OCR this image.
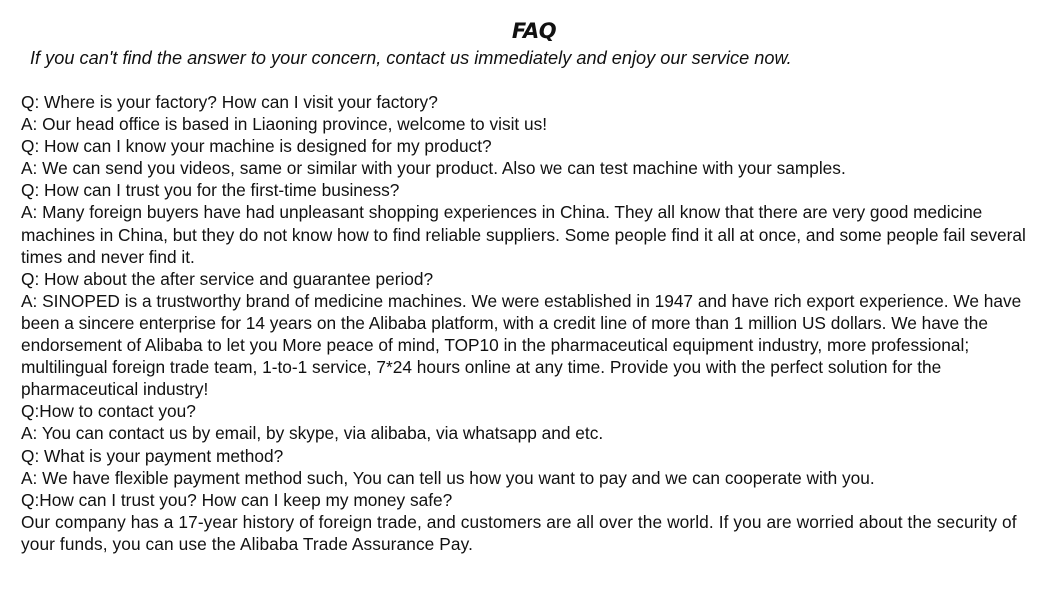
FAQ

If you can't find the answer to your concern, contact us immediately and enjoy our service now.

Q: Where is your factory? How can I visit your factory?

A: Our head office is based in Liaoning province, welcome to visit us!

Q: How can I know your machine is designed for my product?

A: We can send you videos, same or similar with your product. Also we can test machine with your samples.

Q: How can I trust you for the first-time business?

A: Many foreign buyers have had unpleasant shopping experiences in China. They all know that there are very good medicine machines in China, but they do not know how to find reliable suppliers. Some people find it all at once, and some people fail several times and never find it.

Q: How about the after service and guarantee period?

A: SINOPED is a trustworthy brand of medicine machines. We were established in 1947 and have rich export experience. We have been a sincere enterprise for 14 years on the Alibaba platform, with a credit line of more than 1 million US dollars. We have the endorsement of Alibaba to let you More peace of mind, TOP10 in the pharmaceutical equipment industry, more professional; multilingual foreign trade team, 1-to-1 service, 7*24 hours online at any time. Provide you with the perfect solution for the pharmaceutical industry!

Q:How to contact you?

A: You can contact us by email, by skype, via alibaba, via whatsapp and etc.

Q: What is your payment method?

A: We have flexible payment method such, You can tell us how you want to pay and we can cooperate with you.

Q:How can I trust you? How can I keep my money safe?

Our company has a 17-year history of foreign trade, and customers are all over the world. If you are worried about the security of your funds, you can use the Alibaba Trade Assurance Pay.
